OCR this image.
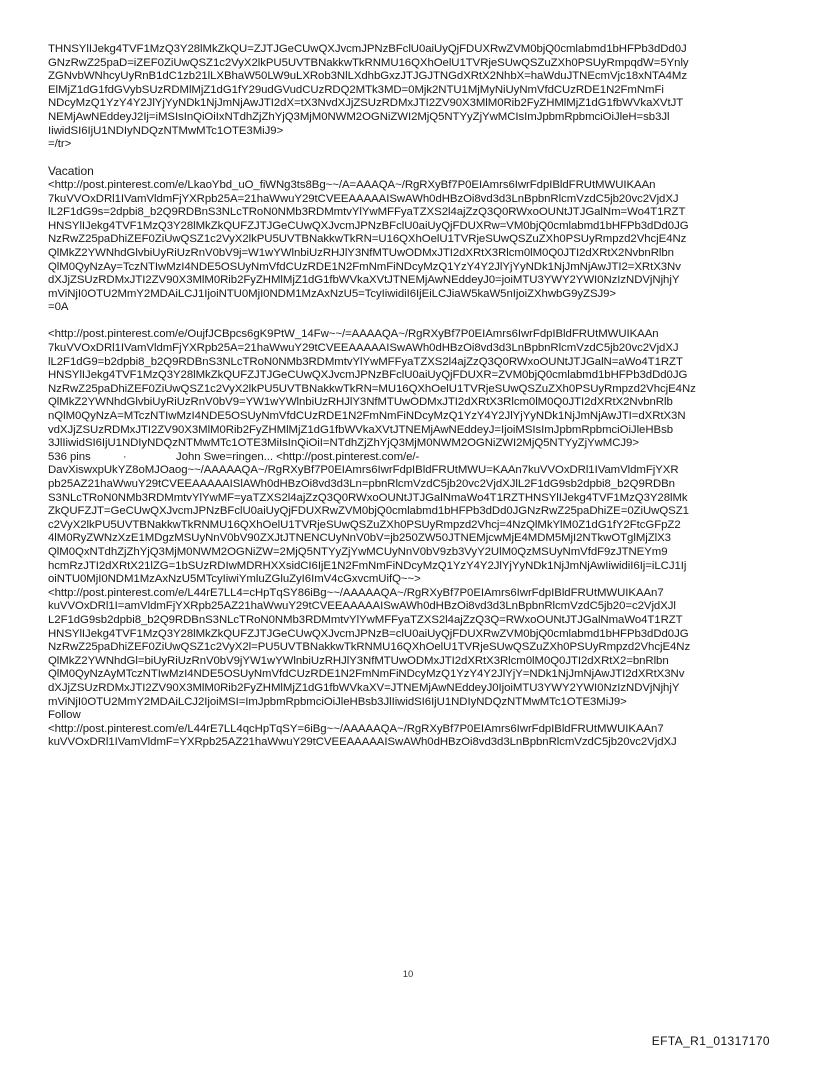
THNSYlIJekg4TVF1MzQ3Y28lMkZkQU=ZJTJGeCUwQXJvcmJPNzBFclU0aiUyQjFDUXRwZVM0bjQ0cmlabmd1bHFPb3dDd0J
GNzRwZ25paD=iZEF0ZiUwQSZ1c2VyX2lkPU5UVTBNakkwTkRNMU16QXhOelU1TVRjeSUwQSZuZXh0PSUyRmpqdW=5Ynly
ZGNvbWNhcyUyRnB1dC1zb21lLXBhaW50LW9uLXRob3NlLXdhbGxzJTJGJTNGdXRtX2NhbX=haWduJTNEcmVjc18xNTA4Mz
ElMjZ1dG1fdGVybSUzRDMlMjZ1dG1fY29udGVudCUzRDQ2MTk3MD=0Mjk2NTU1MjMyNiUyNmVfdCUzRDE1N2FmNmFi
NDcyMzQ1YzY4Y2JlYjYyNDk1NjJmNjAwJTI2dX=tX3NvdXJjZSUzRDMxJTI2ZV90X3MlM0Rib2FyZHMlMjZ1dG1fbWVkaXVtJT
NEMjAwNEddeyJ2Ij=iMSIsInQiOiIxNTdhZjZhYjQ3MjM0NWM2OGNiZWI2MjQ5NTYyZjYwMCIsImJpbmRpbmciOiJleH=sb3Jl
IiwidSI6IjU1NDIyNDQzNTMwMTc1OTE3MiJ9>
=/tr>
Vacation
<http://post.pinterest.com/e/LkaoYbd_uO_fiWNg3ts8Bg~~/A=AAAQA~/RgRXyBf7P0EIAmrs6IwrFdpIBldFRUtMWUIKAAn
7kuVVOxDRl1IVamVldmFjYXRpb25A=21haWwuY29tCVEEAAAAAISwAWh0dHBzOi8vd3d3LnBpbnRlcmVzdC5jb20vc2VjdXJ
lL2F1dG9s=2dpbi8_b2Q9RDBnS3NLcTRoN0NMb3RDMmtvYlYwMFFyaTZXS2l4ajZzQ3Q0RWxoOUNtJTJGalNm=Wo4T1RZT
HNSYlIJekg4TVF1MzQ3Y28lMkZkQUFZJTJGeCUwQXJvcmJPNzBFclU0aiUyQjFDUXRw=VM0bjQ0cmlabmd1bHFPb3dDd0JG
NzRwZ25paDhiZEF0ZiUwQSZ1c2VyX2lkPU5UVTBNakkwTkRN=U16QXhOelU1TVRjeSUwQSZuZXh0PSUyRmpzd2VhcjE4Nz
QlMkZ2YWNhdGlvbiUyRiUzRnV0bV9j=W1wYWlnbiUzRHJlY3NfMTUwODMxJTI2dXRtX3Rlcm0lM0Q0JTI2dXRtX2NvbnRlbn
QlM0QyNzAy=TczNTIwMzI4NDE5OSUyNmVfdCUzRDE1N2FmNmFiNDcyMzQ1YzY4Y2JlYjYyNDk1NjJmNjAwJTI2=XRtX3Nv
dXJjZSUzRDMxJTI2ZV90X3MlM0Rib2FyZHMlMjZ1dG1fbWVkaXVtJTNEMjAwNEddeyJ0=joiMTU3YWY2YWI0NzIzNDVjNjhjY
mViNjI0OTU2MmY2MDAiLCJ1IjoiNTU0MjI0NDM1MzAxNzU5=TcyIiwidiI6IjEiLCJiaW5kaW5nIjoiZXhwbG9yZSJ9>
=0A
<http://post.pinterest.com/e/OujfJCBpcs6gK9PtW_14Fw~~/=AAAAQA~/RgRXyBf7P0EIAmrs6IwrFdpIBldFRUtMWUIKAAn
7kuVVOxDRl1IVamVldmFjYXRpb25A=21haWwuY29tCVEEAAAAAISwAWh0dHBzOi8vd3d3LnBpbnRlcmVzdC5jb20vc2VjdXJ
lL2F1dG9=b2dpbi8_b2Q9RDBnS3NLcTRoN0NMb3RDMmtvYlYwMFFyaTZXS2l4ajZzQ3Q0RWxoOUNtJTJGalN=aWo4T1RZT
HNSYlIJekg4TVF1MzQ3Y28lMkZkQUFZJTJGeCUwQXJvcmJPNzBFclU0aiUyQjFDUXR=ZVM0bjQ0cmlabmd1bHFPb3dDd0JG
NzRwZ25paDhiZEF0ZiUwQSZ1c2VyX2lkPU5UVTBNakkwTkRN=MU16QXhOelU1TVRjeSUwQSZuZXh0PSUyRmpzd2VhcjE4Nz
QlMkZ2YWNhdGlvbiUyRiUzRnV0bV9=YW1wYWlnbiUzRHJlY3NfMTUwODMxJTI2dXRtX3Rlcm0lM0Q0JTI2dXRtX2NvbnRlb
nQlM0QyNzA=MTczNTIwMzI4NDE5OSUyNmVfdCUzRDE1N2FmNmFiNDcyMzQ1YzY4Y2JlYjYyNDk1NjJmNjAwJTI=dXRtX3N
vdXJjZSUzRDMxJTI2ZV90X3MlM0Rib2FyZHMlMjZ1dG1fbWVkaXVtJTNEMjAwNEddeyJ=IjoiMSIsImJpbmRpbmciOiJleHBsb
3JlIiwidSI6IjU1NDIyNDQzNTMwMTc1OTE3MiIsInQiOiI=NTdhZjZhYjQ3MjM0NWM2OGNiZWI2MjQ5NTYyZjYwMCJ9>
536 pins	·	John Swe=ringen... <http://post.pinterest.com/e/-
DavXiswxpUkYZ8oMJOaog~~/AAAAAQA~/RgRXyBf7P0EIAmrs6IwrFdpIBldFRUtMWU=KAAn7kuVVOxDRl1IVamVldmFjYXR
pb25AZ21haWwuY29tCVEEAAAAAISlAWh0dHBzOi8vd3d3Ln=pbnRlcmVzdC5jb20vc2VjdXJlL2F1dG9sb2dpbi8_b2Q9RDBn
S3NLcTRoN0NMb3RDMmtvYlYwMF=yaTZXS2l4ajZzQ3Q0RWxoOUNtJTJGalNmaWo4T1RZTHNSYlIJekg4TVF1MzQ3Y28lMk
ZkQUFZJT=GeCUwQXJvcmJPNzBFclU0aiUyQjFDUXRwZVM0bjQ0cmlabmd1bHFPb3dDd0JGNzRwZ25paDhiZE=0ZiUwQSZ1
c2VyX2lkPU5UVTBNakkwTkRNMU16QXhOelU1TVRjeSUwQSZuZXh0PSUyRmpzd2Vhcj=4NzQlMkYlM0Z1dG1fY2FtcGFpZ2
4lM0RyZWNzXzE1MDgzMSUyNnV0bV90ZXJtJTNENCUyNnV0bV=jb250ZW50JTNEMjcwMjE4MDM5MjI2NTkwOTglMjZlX3
QlM0QxNTdhZjZhYjQ3MjM0NWM2OGNiZW=2MjQ5NTYyZjYwMCUyNnV0bV9zb3VyY2UlM0QzMSUyNmVfdF9zJTNEYm9
hcmRzJTI2dXRtX21lZG=1bSUzRDIwMDRHXXsidCI6IjE1N2FmNmFiNDcyMzQ1YzY4Y2JlYjYyNDk1NjJmNjAwIiwidiI6Ij=iLCJ1Ij
oiNTU0MjI0NDM1MzAxNzU5MTcyIiwiYmluZGluZyI6ImV4cGxvcmUifQ~~>
<http://post.pinterest.com/e/L44rE7LL4=cHpTqSY86iBg~~/AAAAAQA~/RgRXyBf7P0EIAmrs6IwrFdpIBldFRUtMWUIKAAn7
kuVVOxDRl1I=amVldmFjYXRpb25AZ21haWwuY29tCVEEAAAAAISwAWh0dHBzOi8vd3d3LnBpbnRlcmVzdC5jb20=c2VjdXJl
L2F1dG9sb2dpbi8_b2Q9RDBnS3NLcTRoN0NMb3RDMmtvYlYwMFFyaTZXS2l4ajZzQ3Q=RWxoOUNtJTJGalNmaWo4T1RZT
HNSYlIJekg4TVF1MzQ3Y28lMkZkQUFZJTJGeCUwQXJvcmJPNzB=clU0aiUyQjFDUXRwZVM0bjQ0cmlabmd1bHFPb3dDd0JG
NzRwZ25paDhiZEF0ZiUwQSZ1c2VyX2l=PU5UVTBNakkwTkRNMU16QXhOelU1TVRjeSUwQSZuZXh0PSUyRmpzd2VhcjE4Nz
QlMkZ2YWNhdGl=biUyRiUzRnV0bV9jYW1wYWlnbiUzRHJlY3NfMTUwODMxJTI2dXRtX3Rlcm0lM0Q0JTI2dXRtX2=bnRlbn
QlM0QyNzAyMTczNTIwMzI4NDE5OSUyNmVfdCUzRDE1N2FmNmFiNDcyMzQ1YzY4Y2JlYjY=NDk1NjJmNjAwJTI2dXRtX3Nv
dXJjZSUzRDMxJTI2ZV90X3MlM0Rib2FyZHMlMjZ1dG1fbWVkaXV=JTNEMjAwNEddeyJ0IjoiMTU3YWY2YWI0NzIzNDVjNjhjY
mViNjI0OTU2MmY2MDAiLCJ2IjoiMSI=ImJpbmRpbmciOiJleHBsb3JlIiwidSI6IjU1NDIyNDQzNTMwMTc1OTE3MiJ9>
Follow
<http://post.pinterest.com/e/L44rE7LL4qcHpTqSY=6iBg~~/AAAAAQA~/RgRXyBf7P0EIAmrs6IwrFdpIBldFRUtMWUIKAAn7
kuVVOxDRl1IVamVldmF=YXRpb25AZ21haWwuY29tCVEEAAAAAISwAWh0dHBzOi8vd3d3LnBpbnRlcmVzdC5jb20vc2VjdXJ
10
EFTA_R1_01317170
